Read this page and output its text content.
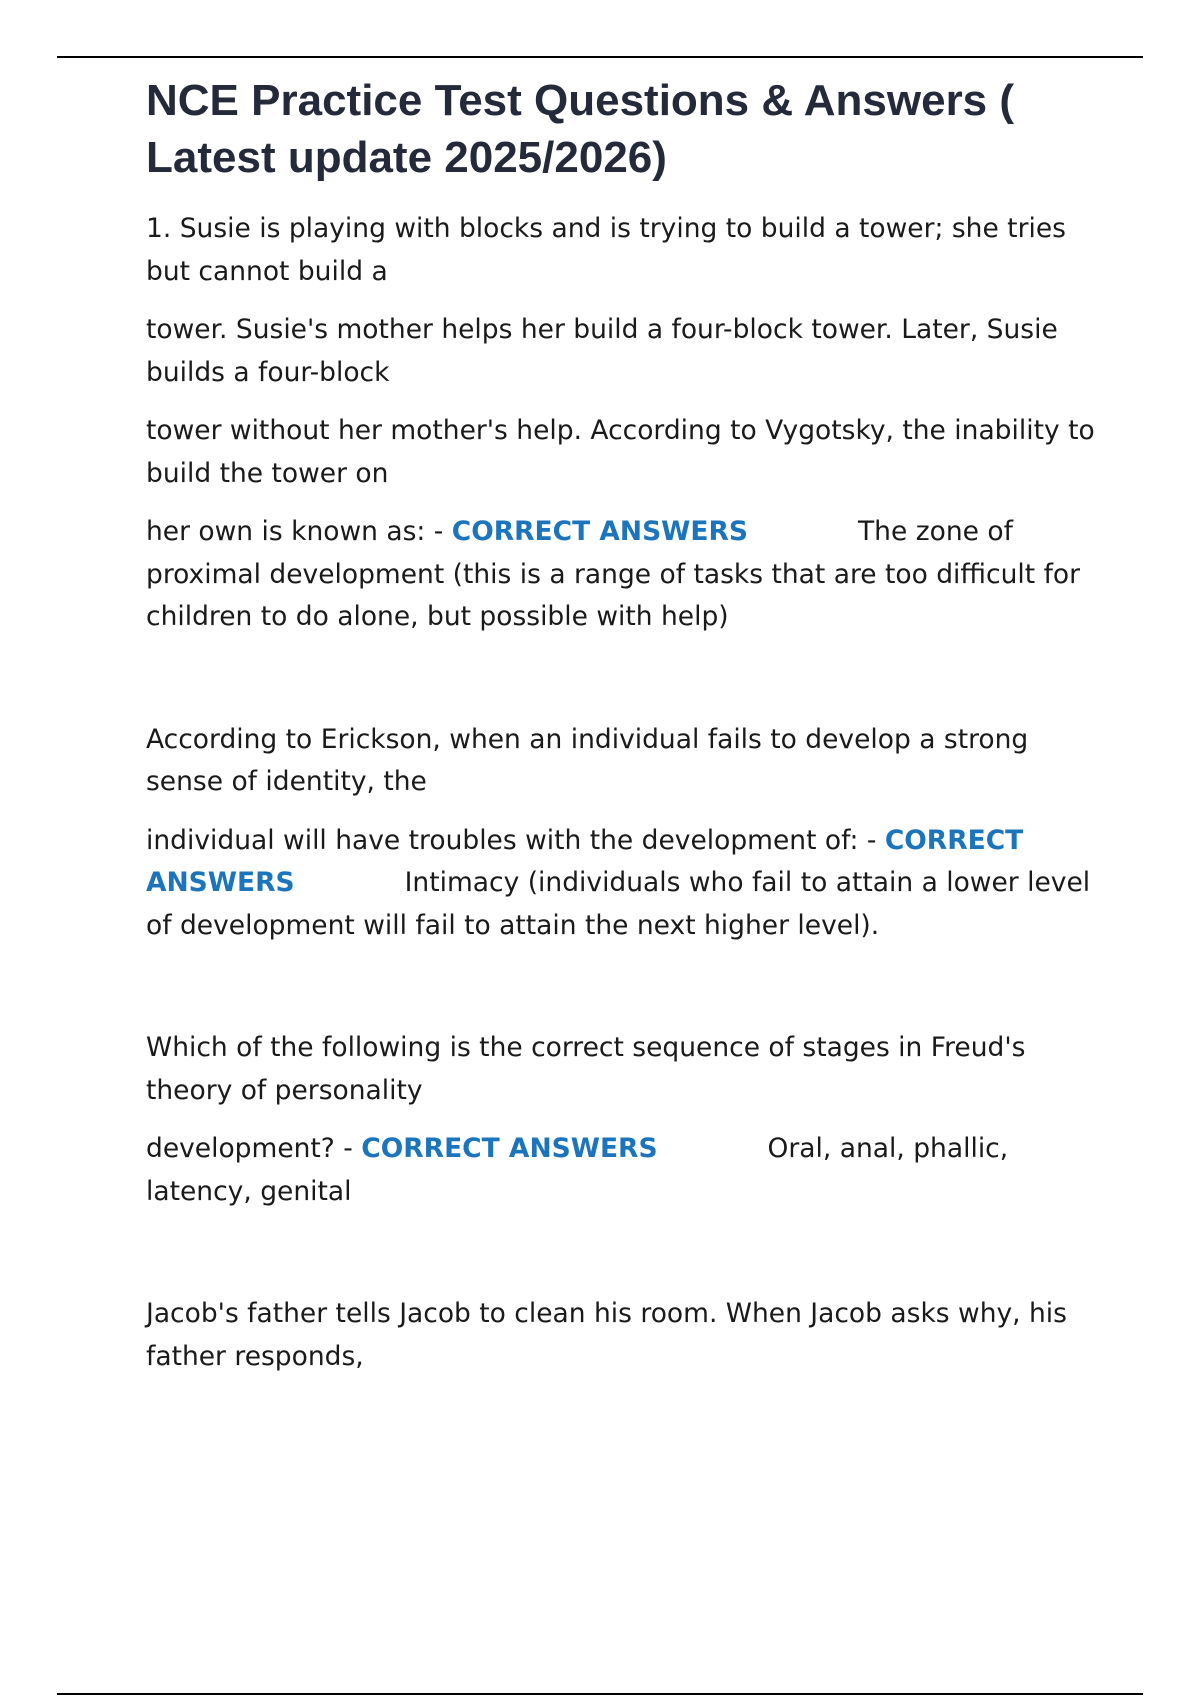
NCE Practice Test Questions & Answers ( Latest update 2025/2026)

1. Susie is playing with blocks and is trying to build a tower; she tries but cannot build a

tower. Susie's mother helps her build a four-block tower. Later, Susie builds a four-block

tower without her mother's help. According to Vygotsky, the inability to build the tower on

her own is known as: - CORRECT ANSWERS	The zone of proximal development (this is a range of tasks that are too difficult for children to do alone, but possible with help)

According to Erickson, when an individual fails to develop a strong sense of identity, the

individual will have troubles with the development of: - CORRECT ANSWERS	Intimacy (individuals who fail to attain a lower level of development will fail to attain the next higher level).

Which of the following is the correct sequence of stages in Freud's theory of personality

development? - CORRECT ANSWERS	Oral, anal, phallic, latency, genital

Jacob's father tells Jacob to clean his room. When Jacob asks why, his father responds,
